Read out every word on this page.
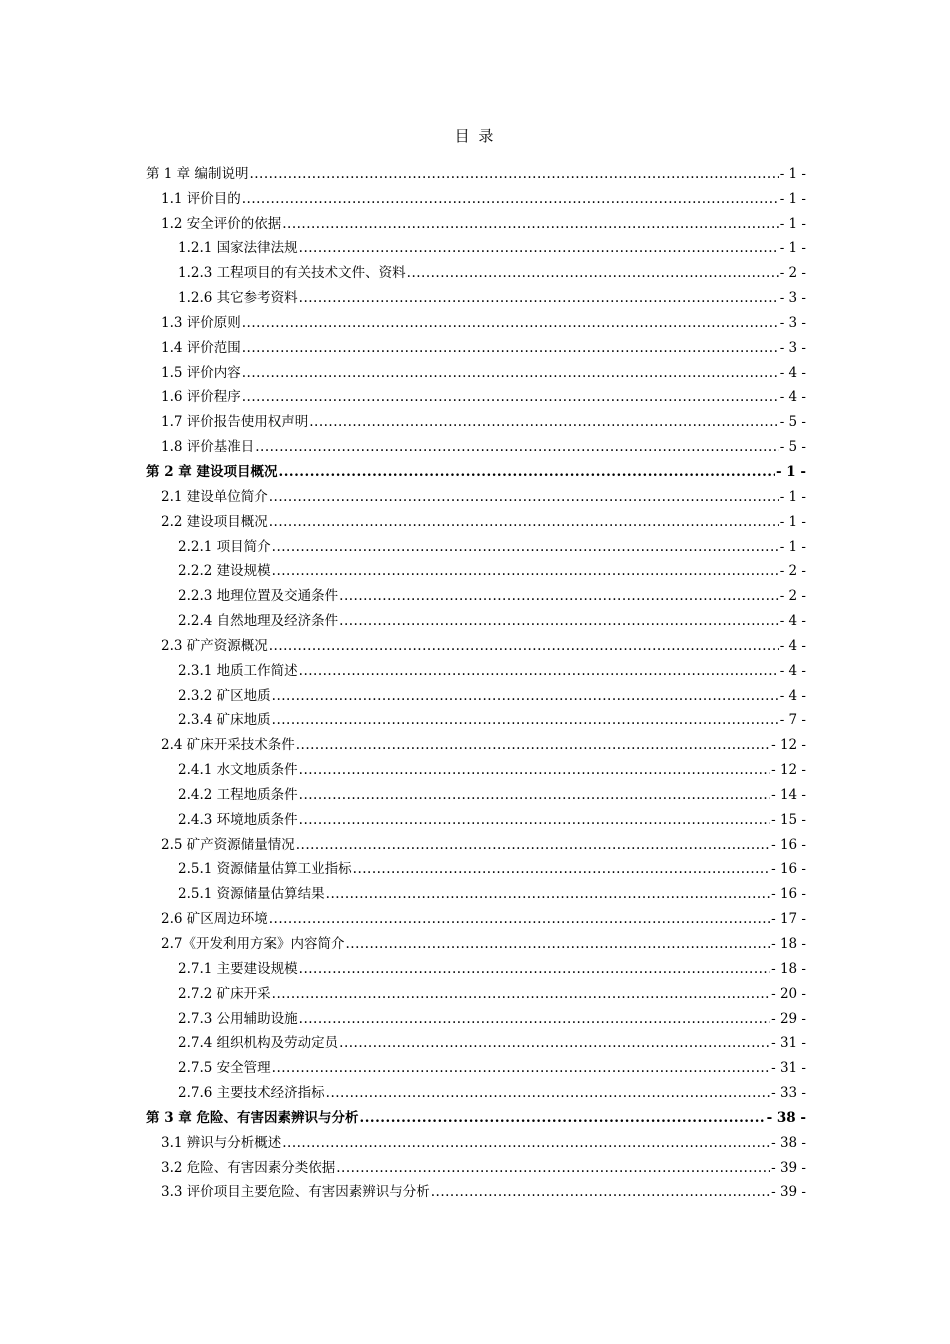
目 录
第 1 章 编制说明 .....	- 1 -
1.1 评价目的 .....	- 1 -
1.2 安全评价的依据 .....	- 1 -
1.2.1 国家法律法规 .....	- 1 -
1.2.3 工程项目的有关技术文件、资料 .....	- 2 -
1.2.6 其它参考资料 .....	- 3 -
1.3 评价原则 .....	- 3 -
1.4 评价范围 .....	- 3 -
1.5 评价内容 .....	- 4 -
1.6 评价程序 .....	- 4 -
1.7 评价报告使用权声明 .....	- 5 -
1.8 评价基准日 .....	- 5 -
第 2 章 建设项目概况 .....	- 1 -
2.1 建设单位简介 .....	- 1 -
2.2 建设项目概况 .....	- 1 -
2.2.1 项目简介 .....	- 1 -
2.2.2 建设规模 .....	- 2 -
2.2.3 地理位置及交通条件 .....	- 2 -
2.2.4 自然地理及经济条件 .....	- 4 -
2.3 矿产资源概况 .....	- 4 -
2.3.1 地质工作简述 .....	- 4 -
2.3.2 矿区地质 .....	- 4 -
2.3.4 矿床地质 .....	- 7 -
2.4 矿床开采技术条件 .....	- 12 -
2.4.1 水文地质条件 .....	- 12 -
2.4.2 工程地质条件 .....	- 14 -
2.4.3 环境地质条件 .....	- 15 -
2.5 矿产资源储量情况 .....	- 16 -
2.5.1 资源储量估算工业指标 .....	- 16 -
2.5.1 资源储量估算结果 .....	- 16 -
2.6 矿区周边环境 .....	- 17 -
2.7《开发利用方案》内容简介 .....	- 18 -
2.7.1 主要建设规模 .....	- 18 -
2.7.2 矿床开采 .....	- 20 -
2.7.3 公用辅助设施 .....	- 29 -
2.7.4 组织机构及劳动定员 .....	- 31 -
2.7.5 安全管理 .....	- 31 -
2.7.6 主要技术经济指标 .....	- 33 -
第 3 章 危险、有害因素辨识与分析 .....	- 38 -
3.1 辨识与分析概述 .....	- 38 -
3.2 危险、有害因素分类依据 .....	- 39 -
3.3 评价项目主要危险、有害因素辨识与分析 .....	- 39 -
